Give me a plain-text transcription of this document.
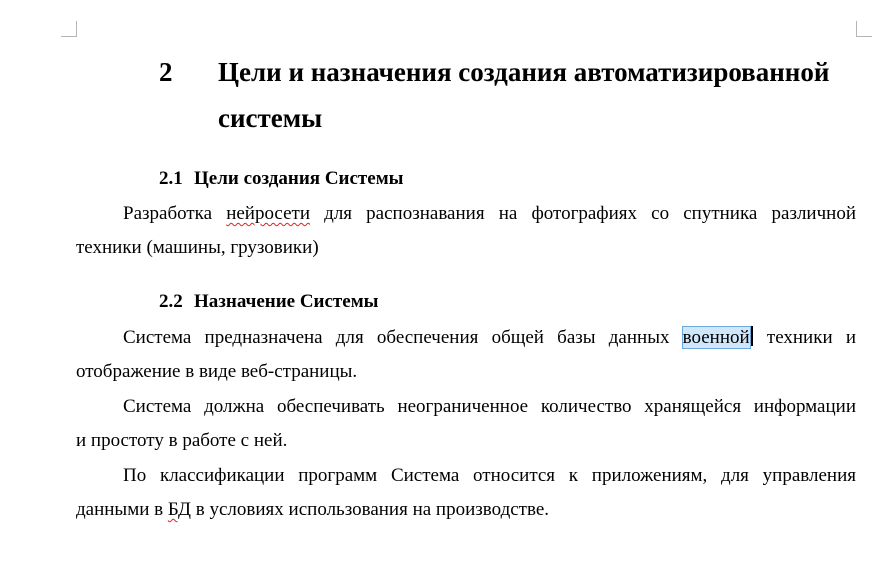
2 Цели и назначения создания автоматизированной
системы
2.1 Цели создания Системы
Разработка нейросети для распознавания на фотографиях со спутника различной
техники (машины, грузовики)
2.2 Назначение Системы
Система предназначена для обеспечения общей базы данных военной техники и
отображение в виде веб-страницы.
Система должна обеспечивать неограниченное количество хранящейся информации
и простоту в работе с ней.
По классификации программ Система относится к приложениям, для управления
данными в БД в условиях использования на производстве.
